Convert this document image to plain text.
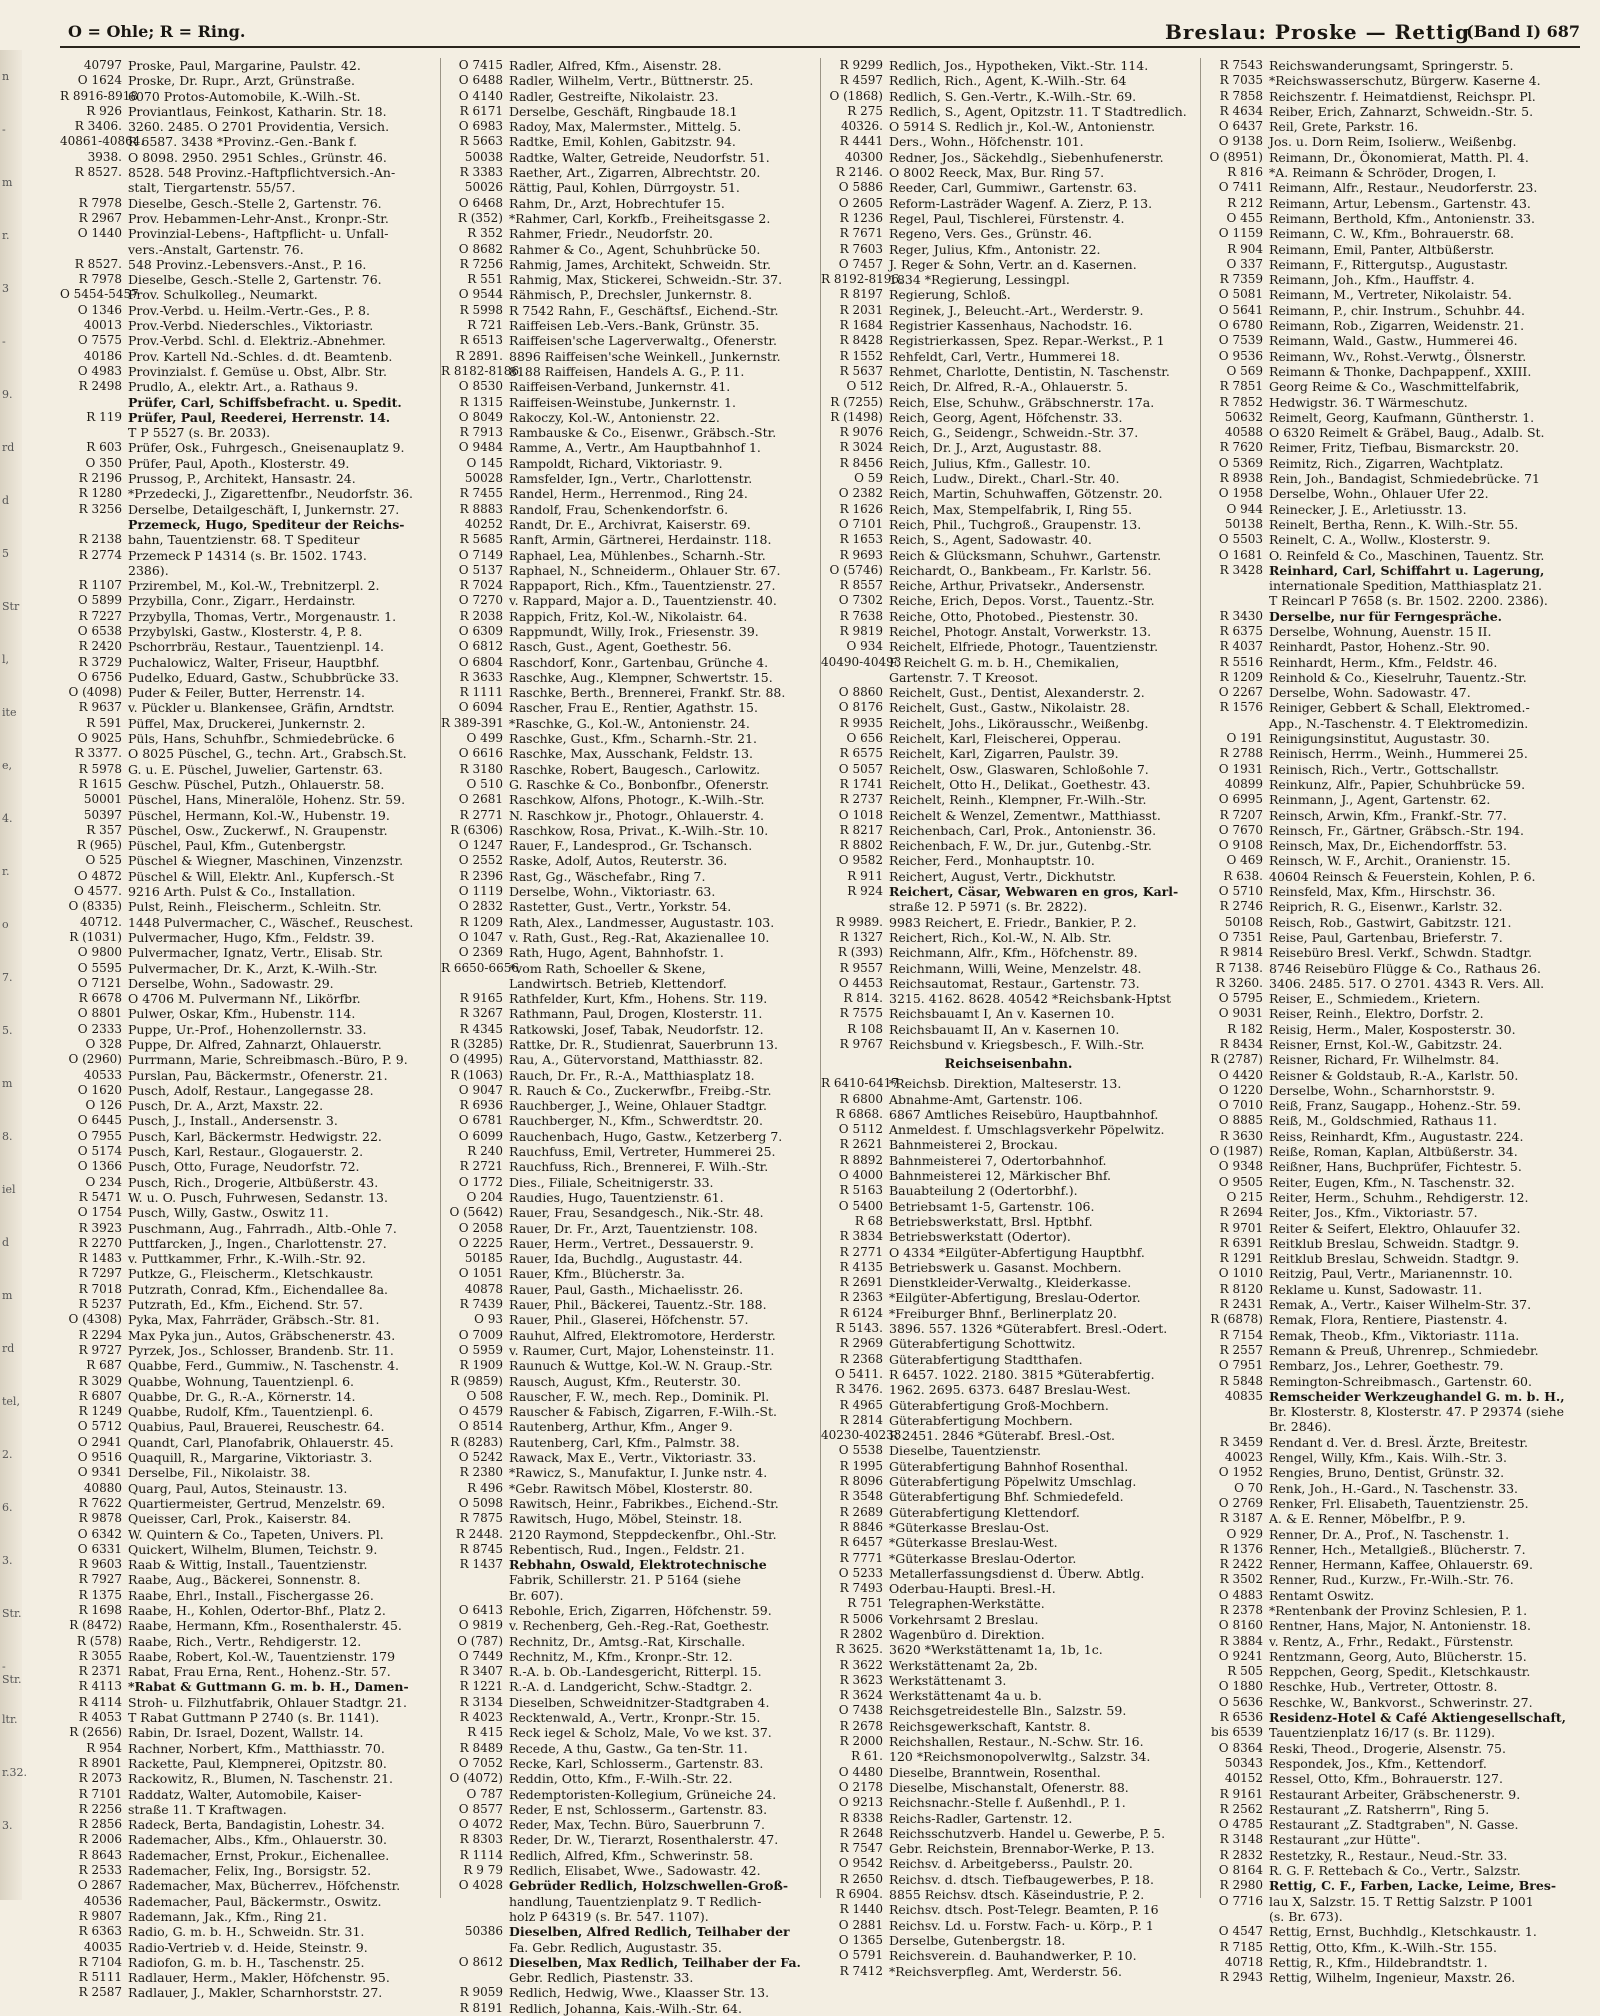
O = Ohle; R = Ring.	Breslau: Proske — Rettig
(Band I) 687
n
-
m
r.
3
-
9.
rd
d
5
Str
l,
ite
e,
4.
r.
o
7.
5.
m
8.
iel
d
m
rd
tel,
2.
6.
3.
Str.
-Str.
ltr.
r.32.
3.
40797 Proske, Paul, Margarine, Paulstr. 42.
O 1624 Proske, Dr. Rupr., Arzt, Grünstraße.
R 8916-8918
6070 Protos-Automobile, K.-Wilh.-St.
R 926 Proviantlaus, Feinkost, Katharin. Str. 18.
R 3406. 3260. 2485. O 2701 Providentia, Versich.
40861-40864.
R 6587. 3438 *Provinz.-Gen.-Bank f.
3938. O 8098. 2950. 2951 Schles., Grünstr. 46.
R 8527. 8528. 548 Provinz.-Haftpflichtversich.-An-
stalt, Tiergartenstr. 55/57.
R 7978 Dieselbe, Gesch.-Stelle 2, Gartenstr. 76.
R 2967 Prov. Hebammen-Lehr-Anst., Kronpr.-Str.
O 1440 Provinzial-Lebens-, Haftpflicht- u. Unfall-
vers.-Anstalt, Gartenstr. 76.
R 8527. 548 Provinz.-Lebensvers.-Anst., P. 16.
R 7978 Dieselbe, Gesch.-Stelle 2, Gartenstr. 76.
O 5454-5457
Prov. Schulkolleg., Neumarkt.
O 1346 Prov.-Verbd. u. Heilm.-Vertr.-Ges., P. 8.
40013 Prov.-Verbd. Niederschles., Viktoriastr.
O 7575 Prov.-Verbd. Schl. d. Elektriz.-Abnehmer.
40186 Prov. Kartell Nd.-Schles. d. dt. Beamtenb.
O 4983 Provinzialst. f. Gemüse u. Obst, Albr. Str.
R 2498 Prudlo, A., elektr. Art., a. Rathaus 9.
Prüfer, Carl, Schiffsbefracht. u. Spedit.
R 119 Prüfer, Paul, Reederei, Herrenstr. 14.
T P 5527 (s. Br. 2033).
R 603 Prüfer, Osk., Fuhrgesch., Gneisenauplatz 9.
O 350 Prüfer, Paul, Apoth., Klosterstr. 49.
R 2196 Prussog, P., Architekt, Hansastr. 24.
R 1280 *Przedecki, J., Zigarettenfbr., Neudorfstr. 36.
R 3256 Derselbe, Detailgeschäft, I, Junkernstr. 27.
Przemeck, Hugo, Spediteur der Reichs-
R 2138 bahn, Tauentzienstr. 68. T Spediteur
R 2774 Przemeck P 14314 (s. Br. 1502. 1743.
2386).
R 1107 Przirembel, M., Kol.-W., Trebnitzerpl. 2.
O 5899 Przybilla, Conr., Zigarr., Herdainstr.
R 7227 Przybylla, Thomas, Vertr., Morgenaustr. 1.
O 6538 Przybylski, Gastw., Klosterstr. 4, P. 8.
R 2420 Pschorrbräu, Restaur., Tauentzienpl. 14.
R 3729 Puchalowicz, Walter, Friseur, Hauptbhf.
O 6756 Pudelko, Eduard, Gastw., Schubbrücke 33.
O (4098) Puder & Feiler, Butter, Herrenstr. 14.
R 9637 v. Pückler u. Blankensee, Gräfin, Arndtstr.
R 591 Püffel, Max, Druckerei, Junkernstr. 2.
O 9025 Püls, Hans, Schuhfbr., Schmiedebrücke. 6
R 3377. O 8025 Püschel, G., techn. Art., Grabsch.St.
R 5978 G. u. E. Püschel, Juwelier, Gartenstr. 63.
R 1615 Geschw. Püschel, Putzh., Ohlauerstr. 58.
50001 Püschel, Hans, Mineralöle, Hohenz. Str. 59.
50397 Püschel, Hermann, Kol.-W., Hubenstr. 19.
R 357 Püschel, Osw., Zuckerwf., N. Graupenstr.
R (965) Püschel, Paul, Kfm., Gutenbergstr.
O 525 Püschel & Wiegner, Maschinen, Vinzenzstr.
O 4872 Püschel & Will, Elektr. Anl., Kupfersch.-St
O 4577. 9216 Arth. Pulst & Co., Installation.
O (8335) Pulst, Reinh., Fleischerm., Schleitn. Str.
40712. 1448 Pulvermacher, C., Wäschef., Reuschest.
R (1031) Pulvermacher, Hugo, Kfm., Feldstr. 39.
O 9800 Pulvermacher, Ignatz, Vertr., Elisab. Str.
O 5595 Pulvermacher, Dr. K., Arzt, K.-Wilh.-Str.
O 7121 Derselbe, Wohn., Sadowastr. 29.
R 6678 O 4706 M. Pulvermann Nf., Likörfbr.
O 8801 Pulwer, Oskar, Kfm., Hubenstr. 114.
O 2333 Puppe, Ur.-Prof., Hohenzollernstr. 33.
O 328 Puppe, Dr. Alfred, Zahnarzt, Ohlauerstr.
O (2960) Purrmann, Marie, Schreibmasch.-Büro, P. 9.
40533 Purslan, Pau, Bäckermstr., Ofenerstr. 21.
O 1620 Pusch, Adolf, Restaur., Langegasse 28.
O 126 Pusch, Dr. A., Arzt, Maxstr. 22.
O 6445 Pusch, J., Install., Andersenstr. 3.
O 7955 Pusch, Karl, Bäckermstr. Hedwigstr. 22.
O 5174 Pusch, Karl, Restaur., Glogauerstr. 2.
O 1366 Pusch, Otto, Furage, Neudorfstr. 72.
O 234 Pusch, Rich., Drogerie, Altbüßerstr. 43.
R 5471 W. u. O. Pusch, Fuhrwesen, Sedanstr. 13.
O 1754 Pusch, Willy, Gastw., Oswitz 11.
R 3923 Puschmann, Aug., Fahrradh., Altb.-Ohle 7.
R 2270 Puttfarcken, J., Ingen., Charlottenstr. 27.
R 1483 v. Puttkammer, Frhr., K.-Wilh.-Str. 92.
R 7297 Putkze, G., Fleischerm., Kletschkaustr.
R 7018 Putzrath, Conrad, Kfm., Eichendallee 8a.
R 5237 Putzrath, Ed., Kfm., Eichend. Str. 57.
O (4308) Pyka, Max, Fahrräder, Gräbsch.-Str. 81.
R 2294 Max Pyka jun., Autos, Gräbschenerstr. 43.
R 9727 Pyrzek, Jos., Schlosser, Brandenb. Str. 11.
R 687 Quabbe, Ferd., Gummiw., N. Taschenstr. 4.
R 3029 Quabbe, Wohnung, Tauentzienpl. 6.
R 6807 Quabbe, Dr. G., R.-A., Körnerstr. 14.
R 1249 Quabbe, Rudolf, Kfm., Tauentzienpl. 6.
O 5712 Quabius, Paul, Brauerei, Reuschestr. 64.
O 2941 Quandt, Carl, Planofabrik, Ohlauerstr. 45.
O 9516 Quaquill, R., Margarine, Viktoriastr. 3.
O 9341 Derselbe, Fil., Nikolaistr. 38.
40880 Quarg, Paul, Autos, Steinaustr. 13.
R 7622 Quartiermeister, Gertrud, Menzelstr. 69.
R 9878 Queisser, Carl, Prok., Kaiserstr. 84.
O 6342 W. Quintern & Co., Tapeten, Univers. Pl.
O 6331 Quickert, Wilhelm, Blumen, Teichstr. 9.
R 9603 Raab & Wittig, Install., Tauentzienstr.
R 7927 Raabe, Aug., Bäckerei, Sonnenstr. 8.
R 1375 Raabe, Ehrl., Install., Fischergasse 26.
R 1698 Raabe, H., Kohlen, Odertor-Bhf., Platz 2.
R (8472) Raabe, Hermann, Kfm., Rosenthalerstr. 45.
R (578) Raabe, Rich., Vertr., Rehdigerstr. 12.
R 3055 Raabe, Robert, Kol.-W., Tauentzienstr. 179
R 2371 Rabat, Frau Erna, Rent., Hohenz.-Str. 57.
R 4113 *Rabat & Guttmann G. m. b. H., Damen-
R 4114 Stroh- u. Filzhutfabrik, Ohlauer Stadtgr. 21.
R 4053 T Rabat Guttmann P 2740 (s. Br. 1141).
R (2656) Rabin, Dr. Israel, Dozent, Wallstr. 14.
R 954 Rachner, Norbert, Kfm., Matthiasstr. 70.
R 8901 Rackette, Paul, Klempnerei, Opitzstr. 80.
R 2073 Rackowitz, R., Blumen, N. Taschenstr. 21.
R 7101 Raddatz, Walter, Automobile, Kaiser-
R 2256 straße 11. T Kraftwagen.
R 2856 Radeck, Berta, Bandagistin, Lohestr. 34.
R 2006 Rademacher, Albs., Kfm., Ohlauerstr. 30.
R 8643 Rademacher, Ernst, Prokur., Eichenallee.
R 2533 Rademacher, Felix, Ing., Borsigstr. 52.
O 2867 Rademacher, Max, Bücherrev., Höfchenstr.
40536 Rademacher, Paul, Bäckermstr., Oswitz.
R 9807 Rademann, Jak., Kfm., Ring 21.
R 6363 Radio, G. m. b. H., Schweidn. Str. 31.
40035 Radio-Vertrieb v. d. Heide, Steinstr. 9.
R 7104 Radiofon, G. m. b. H., Taschenstr. 25.
R 5111 Radlauer, Herm., Makler, Höfchenstr. 95.
R 2587 Radlauer, J., Makler, Scharnhorststr. 27.
O 7415 Radler, Alfred, Kfm., Aisenstr. 28.
O 6488 Radler, Wilhelm, Vertr., Büttnerstr. 25.
O 4140 Radler, Gestreifte, Nikolaistr. 23.
R 6171 Derselbe, Geschäft, Ringbaude 18.1
O 6983 Radoy, Max, Malermster., Mittelg. 5.
R 5663 Radtke, Emil, Kohlen, Gabitzstr. 94.
50038 Radtke, Walter, Getreide, Neudorfstr. 51.
R 3383 Raether, Art., Zigarren, Albrechtstr. 20.
50026 Rättig, Paul, Kohlen, Dürrgoystr. 51.
O 6468 Rahm, Dr., Arzt, Hobrechtufer 15.
R (352) *Rahmer, Carl, Korkfb., Freiheitsgasse 2.
R 352 Rahmer, Friedr., Neudorfstr. 20.
O 8682 Rahmer & Co., Agent, Schuhbrücke 50.
R 7256 Rahmig, James, Architekt, Schweidn. Str.
R 551 Rahmig, Max, Stickerei, Schweidn.-Str. 37.
O 9544 Rähmisch, P., Drechsler, Junkernstr. 8.
R 5998 R 7542 Rahn, F., Geschäftsf., Eichend.-Str.
R 721 Raiffeisen Leb.-Vers.-Bank, Grünstr. 35.
R 6513 Raiffeisen'sche Lagerverwaltg., Ofenerstr.
R 2891. 8896 Raiffeisen'sche Weinkell., Junkernstr.
R 8182-8186.
8188 Raiffeisen, Handels A. G., P. 11.
O 8530 Raiffeisen-Verband, Junkernstr. 41.
R 1315 Raiffeisen-Weinstube, Junkernstr. 1.
O 8049 Rakoczy, Kol.-W., Antonienstr. 22.
R 7913 Rambauske & Co., Eisenwr., Gräbsch.-Str.
O 9484 Ramme, A., Vertr., Am Hauptbahnhof 1.
O 145 Rampoldt, Richard, Viktoriastr. 9.
50028 Ramsfelder, Ign., Vertr., Charlottenstr.
R 7455 Randel, Herm., Herrenmod., Ring 24.
R 8883 Randolf, Frau, Schenkendorfstr. 6.
40252 Randt, Dr. E., Archivrat, Kaiserstr. 69.
R 5685 Ranft, Armin, Gärtnerei, Herdainstr. 118.
O 7149 Raphael, Lea, Mühlenbes., Scharnh.-Str.
O 5137 Raphael, N., Schneiderm., Ohlauer Str. 67.
R 7024 Rappaport, Rich., Kfm., Tauentzienstr. 27.
O 7270 v. Rappard, Major a. D., Tauentzienstr. 40.
R 2038 Rappich, Fritz, Kol.-W., Nikolaistr. 64.
O 6309 Rappmundt, Willy, Irok., Friesenstr. 39.
O 6812 Rasch, Gust., Agent, Goethestr. 56.
O 6804 Raschdorf, Konr., Gartenbau, Grünche 4.
R 3633 Raschke, Aug., Klempner, Schwertstr. 15.
R 1111 Raschke, Berth., Brennerei, Frankf. Str. 88.
O 6094 Rascher, Frau E., Rentier, Agathstr. 15.
R 389-391 *Raschke, G., Kol.-W., Antonienstr. 24.
O 499 Raschke, Gust., Kfm., Scharnh.-Str. 21.
O 6616 Raschke, Max, Ausschank, Feldstr. 13.
R 3180 Raschke, Robert, Baugesch., Carlowitz.
O 510 G. Raschke & Co., Bonbonfbr., Ofenerstr.
O 2681 Raschkow, Alfons, Photogr., K.-Wilh.-Str.
R 2771 N. Raschkow jr., Photogr., Ohlauerstr. 4.
R (6306) Raschkow, Rosa, Privat., K.-Wilh.-Str. 10.
O 1247 Rauer, F., Landesprod., Gr. Tschansch.
O 2552 Raske, Adolf, Autos, Reuterstr. 36.
R 2396 Rast, Gg., Wäschefabr., Ring 7.
O 1119 Derselbe, Wohn., Viktoriastr. 63.
O 2832 Rastetter, Gust., Vertr., Yorkstr. 54.
R 1209 Rath, Alex., Landmesser, Augustastr. 103.
O 1047 v. Rath, Gust., Reg.-Rat, Akazienallee 10.
O 2369 Rath, Hugo, Agent, Bahnhofstr. 1.
R 6650-6656
*vom Rath, Schoeller & Skene,
Landwirtsch. Betrieb, Klettendorf.
R 9165 Rathfelder, Kurt, Kfm., Hohens. Str. 119.
R 3267 Rathmann, Paul, Drogen, Klosterstr. 11.
R 4345 Ratkowski, Josef, Tabak, Neudorfstr. 12.
R (3285) Rattke, Dr. R., Studienrat, Sauerbrunn 13.
O (4995) Rau, A., Gütervorstand, Matthiasstr. 82.
R (1063) Rauch, Dr. Fr., R.-A., Matthiasplatz 18.
O 9047 R. Rauch & Co., Zuckerwfbr., Freibg.-Str.
R 6936 Rauchberger, J., Weine, Ohlauer Stadtgr.
O 6781 Rauchberger, N., Kfm., Schwerdtstr. 20.
O 6099 Rauchenbach, Hugo, Gastw., Ketzerberg 7.
R 240 Rauchfuss, Emil, Vertreter, Hummerei 25.
R 2721 Rauchfuss, Rich., Brennerei, F. Wilh.-Str.
O 1772 Dies., Filiale, Scheitnigerstr. 33.
O 204 Raudies, Hugo, Tauentzienstr. 61.
O (5642) Rauer, Frau, Sesandgesch., Nik.-Str. 48.
O 2058 Rauer, Dr. Fr., Arzt, Tauentzienstr. 108.
O 2225 Rauer, Herm., Vertret., Dessauerstr. 9.
50185 Rauer, Ida, Buchdlg., Augustastr. 44.
O 1051 Rauer, Kfm., Blücherstr. 3a.
40878 Rauer, Paul, Gasth., Michaelisstr. 26.
R 7439 Rauer, Phil., Bäckerei, Tauentz.-Str. 188.
O 93 Rauer, Phil., Glaserei, Höfchenstr. 57.
O 7009 Rauhut, Alfred, Elektromotore, Herderstr.
O 5959 v. Raumer, Curt, Major, Lohensteinstr. 11.
R 1909 Raunuch & Wuttge, Kol.-W. N. Graup.-Str.
R (9859) Rausch, August, Kfm., Reuterstr. 30.
O 508 Rauscher, F. W., mech. Rep., Dominik. Pl.
O 4579 Rauscher & Fabisch, Zigarren, F.-Wilh.-St.
O 8514 Rautenberg, Arthur, Kfm., Anger 9.
R (8283) Rautenberg, Carl, Kfm., Palmstr. 38.
O 5242 Rawack, Max E., Vertr., Viktoriastr. 33.
R 2380 *Rawicz, S., Manufaktur, I. Junke nstr. 4.
R 496 *Gebr. Rawitsch Möbel, Klosterstr. 80.
O 5098 Rawitsch, Heinr., Fabrikbes., Eichend.-Str.
R 7875 Rawitsch, Hugo, Möbel, Steinstr. 18.
R 2448. 2120 Raymond, Steppdeckenfbr., Ohl.-Str.
R 8745 Rebentisch, Rud., Ingen., Feldstr. 21.
R 1437 Rebhahn, Oswald, Elektrotechnische
Fabrik, Schillerstr. 21. P 5164 (siehe
Br. 607).
O 6413 Rebohle, Erich, Zigarren, Höfchenstr. 59.
O 9819 v. Rechenberg, Geh.-Reg.-Rat, Goethestr.
O (787) Rechnitz, Dr., Amtsg.-Rat, Kirschalle.
O 7449 Rechnitz, M., Kfm., Kronpr.-Str. 12.
R 3407 R.-A. b. Ob.-Landesgericht, Ritterpl. 15.
R 1221 R.-A. d. Landgericht, Schw.-Stadtgr. 2.
R 3134 Dieselben, Schweidnitzer-Stadtgraben 4.
R 4023 Recktenwald, A., Vertr., Kronpr.-Str. 15.
R 415 Reck iegel & Scholz, Male, Vo we kst. 37.
R 8489 Recede, A thu, Gastw., Ga ten-Str. 11.
O 7052 Recke, Karl, Schlosserm., Gartenstr. 83.
O (4072) Reddin, Otto, Kfm., F.-Wilh.-Str. 22.
O 787 Redemptoristen-Kollegium, Grüneiche 24.
O 8577 Reder, E nst, Schlosserm., Gartenstr. 83.
O 4072 Reder, Max, Techn. Büro, Sauerbrunn 7.
R 8303 Reder, Dr. W., Tierarzt, Rosenthalerstr. 47.
R 1114 Redlich, Alfred, Kfm., Schwerinstr. 58.
R 9 79 Redlich, Elisabet, Wwe., Sadowastr. 42.
O 4028 Gebrüder Redlich, Holzschwellen-Groß-
handlung, Tauentzienplatz 9. T Redlich-
holz P 64319 (s. Br. 547. 1107).
50386 Dieselben, Alfred Redlich, Teilhaber der
Fa. Gebr. Redlich, Augustastr. 35.
O 8612 Dieselben, Max Redlich, Teilhaber der Fa.
Gebr. Redlich, Piastenstr. 33.
R 9059 Redlich, Hedwig, Wwe., Klaasser Str. 13.
R 8191 Redlich, Johanna, Kais.-Wilh.-Str. 64.
R 9299 Redlich, Jos., Hypotheken, Vikt.-Str. 114.
R 4597 Redlich, Rich., Agent, K.-Wilh.-Str. 64
O (1868) Redlich, S. Gen.-Vertr., K.-Wilh.-Str. 69.
R 275 Redlich, S., Agent, Opitzstr. 11. T Stadtredlich.
40326. O 5914 S. Redlich jr., Kol.-W., Antonienstr.
R 4441 Ders., Wohn., Höfchenstr. 101.
40300 Redner, Jos., Säckehdlg., Siebenhufenerstr.
R 2146. O 8002 Reeck, Max, Bur. Ring 57.
O 5886 Reeder, Carl, Gummiwr., Gartenstr. 63.
O 2605 Reform-Lasträder Wagenf. A. Zierz, P. 13.
R 1236 Regel, Paul, Tischlerei, Fürstenstr. 4.
R 7671 Regeno, Vers. Ges., Grünstr. 46.
R 7603 Reger, Julius, Kfm., Antonistr. 22.
O 7457 J. Reger & Sohn, Vertr. an d. Kasernen.
R 8192-8196.
1834 *Regierung, Lessingpl.
R 8197 Regierung, Schloß.
R 2031 Reginek, J., Beleucht.-Art., Werderstr. 9.
R 1684 Registrier Kassenhaus, Nachodstr. 16.
R 8428 Registrierkassen, Spez. Repar.-Werkst., P. 1
R 1552 Rehfeldt, Carl, Vertr., Hummerei 18.
R 5637 Rehmet, Charlotte, Dentistin, N. Taschenstr.
O 512 Reich, Dr. Alfred, R.-A., Ohlauerstr. 5.
R (7255) Reich, Else, Schuhw., Gräbschnerstr. 17a.
R (1498) Reich, Georg, Agent, Höfchenstr. 33.
R 9076 Reich, G., Seidengr., Schweidn.-Str. 37.
R 3024 Reich, Dr. J., Arzt, Augustastr. 88.
R 8456 Reich, Julius, Kfm., Gallestr. 10.
O 59 Reich, Ludw., Direkt., Charl.-Str. 40.
O 2382 Reich, Martin, Schuhwaffen, Götzenstr. 20.
R 1626 Reich, Max, Stempelfabrik, I, Ring 55.
O 7101 Reich, Phil., Tuchgroß., Graupenstr. 13.
R 1653 Reich, S., Agent, Sadowastr. 40.
R 9693 Reich & Glücksmann, Schuhwr., Gartenstr.
O (5746) Reichardt, O., Bankbeam., Fr. Karlstr. 56.
R 8557 Reiche, Arthur, Privatsekr., Andersenstr.
O 7302 Reiche, Erich, Depos. Vorst., Tauentz.-Str.
R 7638 Reiche, Otto, Photobed., Piestenstr. 30.
R 9819 Reichel, Photogr. Anstalt, Vorwerkstr. 13.
O 934 Reichelt, Elfriede, Photogr., Tauentzienstr.
40490-40493
F. Reichelt G. m. b. H., Chemikalien,
Gartenstr. 7. T Kreosot.
O 8860 Reichelt, Gust., Dentist, Alexanderstr. 2.
O 8176 Reichelt, Gust., Gastw., Nikolaistr. 28.
R 9935 Reichelt, Johs., Likörausschr., Weißenbg.
O 656 Reichelt, Karl, Fleischerei, Opperau.
R 6575 Reichelt, Karl, Zigarren, Paulstr. 39.
O 5057 Reichelt, Osw., Glaswaren, Schloßohle 7.
R 1741 Reichelt, Otto H., Delikat., Goethestr. 43.
R 2737 Reichelt, Reinh., Klempner, Fr.-Wilh.-Str.
O 1018 Reichelt & Wenzel, Zementwr., Matthiasst.
R 8217 Reichenbach, Carl, Prok., Antonienstr. 36.
R 8802 Reichenbach, F. W., Dr. jur., Gutenbg.-Str.
O 9582 Reicher, Ferd., Monhauptstr. 10.
R 911 Reichert, August, Vertr., Dickhutstr.
R 924 Reichert, Cäsar, Webwaren en gros, Karl-
straße 12. P 5971 (s. Br. 2822).
R 9989. 9983 Reichert, E. Friedr., Bankier, P. 2.
R 1327 Reichert, Rich., Kol.-W., N. Alb. Str.
R (393) Reichmann, Alfr., Kfm., Höfchenstr. 89.
R 9557 Reichmann, Willi, Weine, Menzelstr. 48.
O 4453 Reichsautomat, Restaur., Gartenstr. 73.
R 814. 3215. 4162. 8628. 40542 *Reichsbank-Hptst
R 7575 Reichsbauamt I, An v. Kasernen 10.
R 108 Reichsbauamt II, An v. Kasernen 10.
R 9767 Reichsbund v. Kriegsbesch., F. Wilh.-Str.
Reichseisenbahn.
R 6410-6417
*Reichsb. Direktion, Malteserstr. 13.
R 6800 Abnahme-Amt, Gartenstr. 106.
R 6868. 6867 Amtliches Reisebüro, Hauptbahnhof.
O 5112 Anmeldest. f. Umschlagsverkehr Pöpelwitz.
R 2621 Bahnmeisterei 2, Brockau.
R 8892 Bahnmeisterei 7, Odertorbahnhof.
O 4000 Bahnmeisterei 12, Märkischer Bhf.
R 5163 Bauabteilung 2 (Odertorbhf.).
O 5400 Betriebsamt 1-5, Gartenstr. 106.
R 68 Betriebswerkstatt, Brsl. Hptbhf.
R 3834 Betriebswerkstatt (Odertor).
R 2771 O 4334 *Eilgüter-Abfertigung Hauptbhf.
R 4135 Betriebswerk u. Gasanst. Mochbern.
R 2691 Dienstkleider-Verwaltg., Kleiderkasse.
R 2363 *Eilgüter-Abfertigung, Breslau-Odertor.
R 6124 *Freiburger Bhnf., Berlinerplatz 20.
R 5143. 3896. 557. 1326 *Güterabfert. Bresl.-Odert.
R 2969 Güterabfertigung Schottwitz.
R 2368 Güterabfertigung Stadtthafen.
O 5411. R 6457. 1022. 2180. 3815 *Güterabfertig.
R 3476. 1962. 2695. 6373. 6487 Breslau-West.
R 4965 Güterabfertigung Groß-Mochbern.
R 2814 Güterabfertigung Mochbern.
40230-40233.
R 2451. 2846 *Güterabf. Bresl.-Ost.
O 5538 Dieselbe, Tauentzienstr.
R 1995 Güterabfertigung Bahnhof Rosenthal.
R 8096 Güterabfertigung Pöpelwitz Umschlag.
R 3548 Güterabfertigung Bhf. Schmiedefeld.
R 2689 Güterabfertigung Klettendorf.
R 8846 *Güterkasse Breslau-Ost.
R 6457 *Güterkasse Breslau-West.
R 7771 *Güterkasse Breslau-Odertor.
O 5233 Metallerfassungsdienst d. Überw. Abtlg.
R 7493 Oderbau-Haupti. Bresl.-H.
R 751 Telegraphen-Werkstätte.
R 5006 Vorkehrsamt 2 Breslau.
R 2802 Wagenbüro d. Direktion.
R 3625. 3620 *Werkstättenamt 1a, 1b, 1c.
R 3622 Werkstättenamt 2a, 2b.
R 3623 Werkstättenamt 3.
R 3624 Werkstättenamt 4a u. b.
O 7438 Reichsgetreidestelle Bln., Salzstr. 59.
R 2678 Reichsgewerkschaft, Kantstr. 8.
R 2000 Reichshallen, Restaur., N.-Schw. Str. 16.
R 61. 120 *Reichsmonopolverwltg., Salzstr. 34.
O 4480 Dieselbe, Branntwein, Rosenthal.
O 2178 Dieselbe, Mischanstalt, Ofenerstr. 88.
O 9213 Reichsnachr.-Stelle f. Außenhdl., P. 1.
R 8338 Reichs-Radler, Gartenstr. 12.
R 2648 Reichsschutzverb. Handel u. Gewerbe, P. 5.
R 7547 Gebr. Reichstein, Brennabor-Werke, P. 13.
O 9542 Reichsv. d. Arbeitgeberss., Paulstr. 20.
R 2650 Reichsv. d. dtsch. Tiefbaugewerbes, P. 18.
R 6904. 8855 Reichsv. dtsch. Käseindustrie, P. 2.
R 1440 Reichsv. dtsch. Post-Telegr. Beamten, P. 16
O 2881 Reichsv. Ld. u. Forstw. Fach- u. Körp., P. 1
O 1365 Derselbe, Gutenbergstr. 18.
O 5791 Reichsverein. d. Bauhandwerker, P. 10.
R 7412 *Reichsverpfleg. Amt, Werderstr. 56.
R 7543 Reichswanderungsamt, Springerstr. 5.
R 7035 *Reichswasserschutz, Bürgerw. Kaserne 4.
R 7858 Reichszentr. f. Heimatdienst, Reichspr. Pl.
R 4634 Reiber, Erich, Zahnarzt, Schweidn.-Str. 5.
O 6437 Reil, Grete, Parkstr. 16.
O 9138 Jos. u. Dorn Reim, Isolierw., Weißenbg.
O (8951) Reimann, Dr., Ökonomierat, Matth. Pl. 4.
R 816 *A. Reimann & Schröder, Drogen, I.
O 7411 Reimann, Alfr., Restaur., Neudorferstr. 23.
R 212 Reimann, Artur, Lebensm., Gartenstr. 43.
O 455 Reimann, Berthold, Kfm., Antonienstr. 33.
O 1159 Reimann, C. W., Kfm., Bohrauerstr. 68.
R 904 Reimann, Emil, Panter, Altbüßerstr.
O 337 Reimann, F., Rittergutsp., Augustastr.
R 7359 Reimann, Joh., Kfm., Hauffstr. 4.
O 5081 Reimann, M., Vertreter, Nikolaistr. 54.
O 5641 Reimann, P., chir. Instrum., Schuhbr. 44.
O 6780 Reimann, Rob., Zigarren, Weidenstr. 21.
O 7539 Reimann, Wald., Gastw., Hummerei 46.
O 9536 Reimann, Wv., Rohst.-Verwtg., Ölsnerstr.
O 569 Reimann & Thonke, Dachpappenf., XXIII.
R 7851 Georg Reime & Co., Waschmittelfabrik,
R 7852 Hedwigstr. 36. T Wärmeschutz.
50632 Reimelt, Georg, Kaufmann, Güntherstr. 1.
40588 O 6320 Reimelt & Gräbel, Baug., Adalb. St.
R 7620 Reimer, Fritz, Tiefbau, Bismarckstr. 20.
O 5369 Reimitz, Rich., Zigarren, Wachtplatz.
R 8938 Rein, Joh., Bandagist, Schmiedebrücke. 71
O 1958 Derselbe, Wohn., Ohlauer Ufer 22.
O 944 Reinecker, J. E., Arletiusstr. 13.
50138 Reinelt, Bertha, Renn., K. Wilh.-Str. 55.
O 5503 Reinelt, C. A., Wollw., Klosterstr. 9.
O 1681 O. Reinfeld & Co., Maschinen, Tauentz. Str.
R 3428 Reinhard, Carl, Schiffahrt u. Lagerung,
internationale Spedition, Matthiasplatz 21.
T Reincarl P 7658 (s. Br. 1502. 2200. 2386).
R 3430 Derselbe, nur für Ferngespräche.
R 6375 Derselbe, Wohnung, Auenstr. 15 II.
R 4037 Reinhardt, Pastor, Hohenz.-Str. 90.
R 5516 Reinhardt, Herm., Kfm., Feldstr. 46.
R 1209 Reinhold & Co., Kieselruhr, Tauentz.-Str.
O 2267 Derselbe, Wohn. Sadowastr. 47.
R 1576 Reiniger, Gebbert & Schall, Elektromed.-
App., N.-Taschenstr. 4. T Elektromedizin.
O 191 Reinigungsinstitut, Augustastr. 30.
R 2788 Reinisch, Herrm., Weinh., Hummerei 25.
O 1931 Reinisch, Rich., Vertr., Gottschallstr.
40899 Reinkunz, Alfr., Papier, Schuhbrücke 59.
O 6995 Reinmann, J., Agent, Gartenstr. 62.
R 7207 Reinsch, Arwin, Kfm., Frankf.-Str. 77.
O 7670 Reinsch, Fr., Gärtner, Gräbsch.-Str. 194.
O 9108 Reinsch, Max, Dr., Eichendorffstr. 53.
O 469 Reinsch, W. F., Archit., Oranienstr. 15.
R 638. 40604 Reinsch & Feuerstein, Kohlen, P. 6.
O 5710 Reinsfeld, Max, Kfm., Hirschstr. 36.
R 2746 Reiprich, R. G., Eisenwr., Karlstr. 32.
50108 Reisch, Rob., Gastwirt, Gabitzstr. 121.
O 7351 Reise, Paul, Gartenbau, Brieferstr. 7.
R 9814 Reisebüro Bresl. Verkf., Schwdn. Stadtgr.
R 7138. 8746 Reisebüro Flügge & Co., Rathaus 26.
R 3260. 3406. 2485. 517. O 2701. 4343 R. Vers. All.
O 5795 Reiser, E., Schmiedem., Krietern.
O 9031 Reiser, Reinh., Elektro, Dorfstr. 2.
R 182 Reisig, Herm., Maler, Kosposterstr. 30.
R 8434 Reisner, Ernst, Kol.-W., Gabitzstr. 24.
R (2787) Reisner, Richard, Fr. Wilhelmstr. 84.
O 4420 Reisner & Goldstaub, R.-A., Karlstr. 50.
O 1220 Derselbe, Wohn., Scharnhorststr. 9.
O 7010 Reiß, Franz, Saugapp., Hohenz.-Str. 59.
O 8885 Reiß, M., Goldschmied, Rathaus 11.
R 3630 Reiss, Reinhardt, Kfm., Augustastr. 224.
O (1987) Reiße, Roman, Kaplan, Altbüßerstr. 34.
O 9348 Reißner, Hans, Buchprüfer, Fichtestr. 5.
O 9505 Reiter, Eugen, Kfm., N. Taschenstr. 32.
O 215 Reiter, Herm., Schuhm., Rehdigerstr. 12.
R 2694 Reiter, Jos., Kfm., Viktoriastr. 57.
R 9701 Reiter & Seifert, Elektro, Ohlauufer 32.
R 6391 Reitklub Breslau, Schweidn. Stadtgr. 9.
R 1291 Reitklub Breslau, Schweidn. Stadtgr. 9.
O 1010 Reitzig, Paul, Vertr., Marianennstr. 10.
R 8120 Reklame u. Kunst, Sadowastr. 11.
R 2431 Remak, A., Vertr., Kaiser Wilhelm-Str. 37.
R (6878) Remak, Flora, Rentiere, Piastenstr. 4.
R 7154 Remak, Theob., Kfm., Viktoriastr. 111a.
R 2557 Remann & Preuß, Uhrenrep., Schmiedebr.
O 7951 Rembarz, Jos., Lehrer, Goethestr. 79.
R 5848 Remington-Schreibmasch., Gartenstr. 60.
40835 Remscheider Werkzeughandel G. m. b. H.,
Br. Klosterstr. 8, Klosterstr. 47. P 29374 (siehe
Br. 2846).
R 3459 Rendant d. Ver. d. Bresl. Ärzte, Breitestr.
40023 Rengel, Willy, Kfm., Kais. Wilh.-Str. 3.
O 1952 Rengies, Bruno, Dentist, Grünstr. 32.
O 70 Renk, Joh., H.-Gard., N. Taschenstr. 33.
O 2769 Renker, Frl. Elisabeth, Tauentzienstr. 25.
R 3187 A. & E. Renner, Möbelfbr., P. 9.
O 929 Renner, Dr. A., Prof., N. Taschenstr. 1.
R 1376 Renner, Hch., Metallgieß., Blücherstr. 7.
R 2422 Renner, Hermann, Kaffee, Ohlauerstr. 69.
R 3502 Renner, Rud., Kurzw., Fr.-Wilh.-Str. 76.
O 4883 Rentamt Oswitz.
R 2378 *Rentenbank der Provinz Schlesien, P. 1.
O 8160 Rentner, Hans, Major, N. Antonienstr. 18.
R 3884 v. Rentz, A., Frhr., Redakt., Fürstenstr.
O 9241 Rentzmann, Georg, Auto, Blücherstr. 15.
R 505 Reppchen, Georg, Spedit., Kletschkaustr.
O 1880 Reschke, Hub., Vertreter, Ottostr. 8.
O 5636 Reschke, W., Bankvorst., Schwerinstr. 27.
R 6536 Residenz-Hotel & Café Aktiengesellschaft,
bis 6539 Tauentzienplatz 16/17 (s. Br. 1129).
O 8364 Reski, Theod., Drogerie, Alsenstr. 75.
50343 Respondek, Jos., Kfm., Kettendorf.
40152 Ressel, Otto, Kfm., Bohrauerstr. 127.
R 9161 Restaurant Arbeiter, Gräbschenerstr. 9.
R 2562 Restaurant „Z. Ratsherrn", Ring 5.
O 4785 Restaurant „Z. Stadtgraben", N. Gasse.
R 3148 Restaurant „zur Hütte".
R 2832 Restetzky, R., Restaur., Neud.-Str. 33.
O 8164 R. G. F. Rettebach & Co., Vertr., Salzstr.
R 2980 Rettig, C. F., Farben, Lacke, Leime, Bres-
O 7716 lau X, Salzstr. 15. T Rettig Salzstr. P 1001
(s. Br. 673).
O 4547 Rettig, Ernst, Buchhdlg., Kletschkaustr. 1.
R 7185 Rettig, Otto, Kfm., K.-Wilh.-Str. 155.
40718 Rettig, R., Kfm., Hildebrandtstr. 1.
R 2943 Rettig, Wilhelm, Ingenieur, Maxstr. 26.
